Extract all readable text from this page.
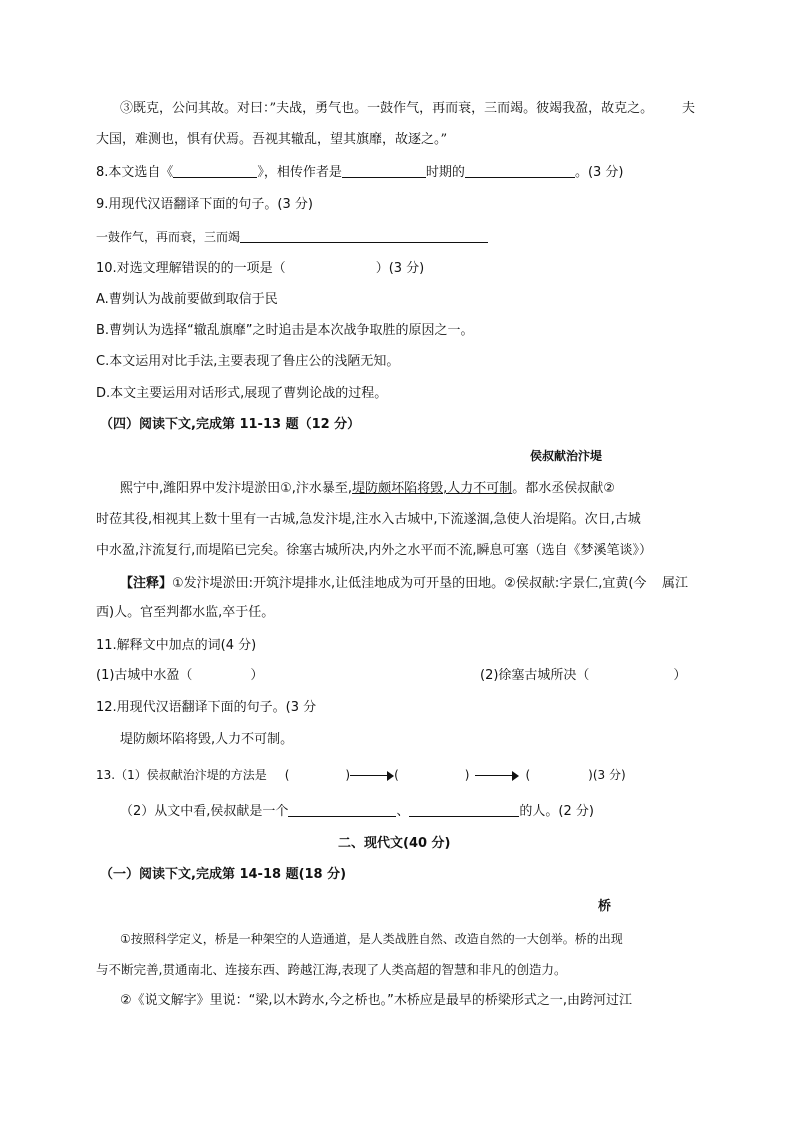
③既克，公问其故。对曰：”夫战，勇气也。一鼓作气，再而衰，三而竭。彼竭我盈，故克之。 夫
大国，难测也，惧有伏焉。吾视其辙乱，望其旗靡，故逐之。”
8.本文选自《	》，相传作者是	时期的	。(3 分)
9.用现代汉语翻译下面的句子。(3 分)
一鼓作气，再而衰，三而竭
10.对选文理解错误的的一项是（	）(3 分)
A.曹刿认为战前要做到取信于民
B.曹刿认为选择“辙乱旗靡”之时追击是本次战争取胜的原因之一。
C.本文运用对比手法,主要表现了鲁庄公的浅陋无知。
D.本文主要运用对话形式,展现了曹刿论战的过程。
（四）阅读下文,完成第 11-13 题（12 分）
侯叔献治汴堤
熙宁中,潍阳界中发汴堤淤田①,汴水暴至,堤防颇坏陷将毁,人力不可制。都水丞侯叔献②
时莅其役,相视其上数十里有一古城,急发汴堤,注水入古城中,下流遂涸,急使人治堤陷。次日,古城
中水盈,汴流复行,而堤陷已完矣。徐塞古城所决,内外之水平而不流,瞬息可塞（选自《梦溪笔谈》）
【注释】①发汴堤淤田:开筑汴堤排水,让低洼地成为可开垦的田地。②侯叔献:字景仁,宜黄(今 属江
西)人。官至判都水监,卒于任。
11.解释文中加点的词(4 分)
(1)古城中水盈（	）	(2)徐塞古城所决（	）
12.用现代汉语翻译下面的句子。(3 分
堤防颇坏陷将毁,人力不可制。
13.（1）侯叔献治汴堤的方法是 (	)	(	)	(	)(3 分)
（2）从文中看,侯叔献是一个	、	的人。(2 分)
二、现代文(40 分)
（一）阅读下文,完成第 14-18 题(18 分)
桥
①按照科学定义，桥是一种架空的人造通道，是人类战胜自然、改造自然的一大创举。桥的出现
与不断完善,贯通南北、连接东西、跨越江海,表现了人类高超的智慧和非凡的创造力。
②《说文解字》里说：“梁,以木跨水,今之桥也。”木桥应是最早的桥梁形式之一,由跨河过江
